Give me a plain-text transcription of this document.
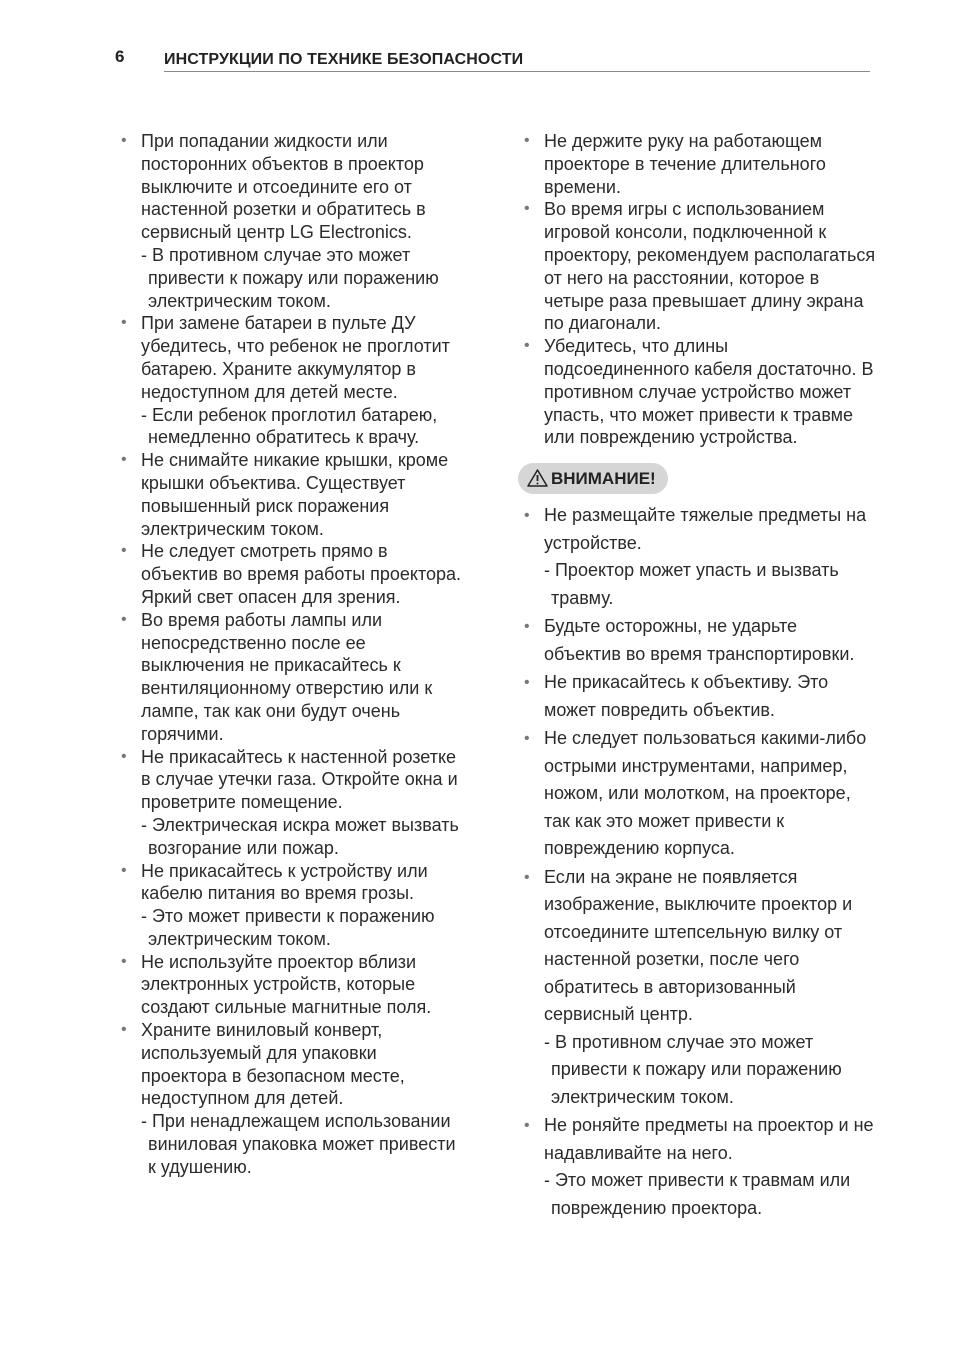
6 ИНСТРУКЦИИ ПО ТЕХНИКЕ БЕЗОПАСНОСТИ
• При попадании жидкости или посторонних объектов в проектор выключите и отсоедините его от настенной розетки и обратитесь в сервисный центр LG Electronics.
- В противном случае это может привести к пожару или поражению электрическим током.
• При замене батареи в пульте ДУ убедитесь, что ребенок не проглотит батарею. Храните аккумулятор в недоступном для детей месте.
- Если ребенок проглотил батарею, немедленно обратитесь к врачу.
• Не снимайте никакие крышки, кроме крышки объектива. Существует повышенный риск поражения электрическим током.
• Не следует смотреть прямо в объектив во время работы проектора. Яркий свет опасен для зрения.
• Во время работы лампы или непосредственно после ее выключения не прикасайтесь к вентиляционному отверстию или к лампе, так как они будут очень горячими.
• Не прикасайтесь к настенной розетке в случае утечки газа. Откройте окна и проветрите помещение.
- Электрическая искра может вызвать возгорание или пожар.
• Не прикасайтесь к устройству или кабелю питания во время грозы.
- Это может привести к поражению электрическим током.
• Не используйте проектор вблизи электронных устройств, которые создают сильные магнитные поля.
• Храните виниловый конверт, используемый для упаковки проектора в безопасном месте, недоступном для детей.
- При ненадлежащем использовании виниловая упаковка может привести к удушению.
• Не держите руку на работающем проекторе в течение длительного времени.
• Во время игры с использованием игровой консоли, подключенной к проектору, рекомендуем располагаться от него на расстоянии, которое в четыре раза превышает длину экрана по диагонали.
• Убедитесь, что длины подсоединенного кабеля достаточно. В противном случае устройство может упасть, что может привести к травме или повреждению устройства.
ВНИМАНИЕ!
• Не размещайте тяжелые предметы на устройстве.
- Проектор может упасть и вызвать травму.
• Будьте осторожны, не ударьте объектив во время транспортировки.
• Не прикасайтесь к объективу. Это может повредить объектив.
• Не следует пользоваться какими-либо острыми инструментами, например, ножом, или молотком, на проекторе, так как это может привести к повреждению корпуса.
• Если на экране не появляется изображение, выключите проектор и отсоедините штепсельную вилку от настенной розетки, после чего обратитесь в авторизованный сервисный центр.
- В противном случае это может привести к пожару или поражению электрическим током.
• Не роняйте предметы на проектор и не надавливайте на него.
- Это может привести к травмам или повреждению проектора.
